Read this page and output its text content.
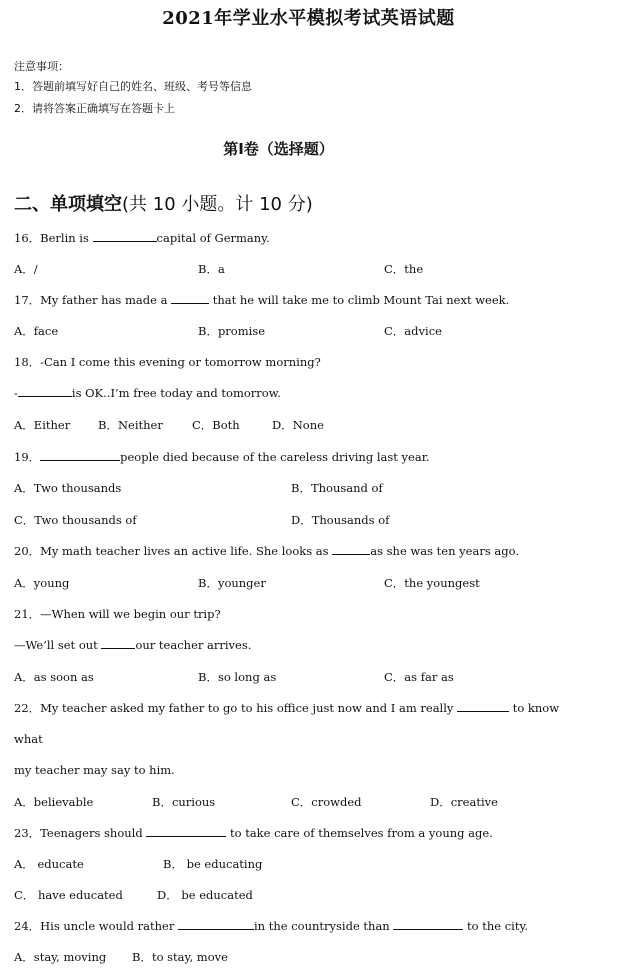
2021年学业水平模拟考试英语试题
注意事项：
1．答题前填写好自己的姓名、班级、考号等信息
2．请将答案正确填写在答题卡上
第I卷（选择题）
二、单项填空(共 10 小题。计 10 分)
16．Berlin is	capital of Germany.
A．/	B．a	C．the
17．My father has made a	that he will take me to climb Mount Tai next week.
A．face	B．promise	C．advice
18．-Can I come this evening or tomorrow morning?
-	is OK..I’m free today and tomorrow.
A．Either B．Neither	C．Both	D．None
19．	people died because of the careless driving last year.
A．Two thousands	B．Thousand of
C．Two thousands of	D．Thousands of
20．My math teacher lives an active life. She looks as	as she was ten years ago.
A．young	B．younger	C．the youngest
21．—When will we begin our trip?
—We’ll set out	our teacher arrives.
A．as soon as	B．so long as	C．as far as
22．My teacher asked my father to go to his office just now and I am really	to know
what
my teacher may say to him.
A．believable	B．curious	C．crowded	D．creative
23．Teenagers should	to take care of themselves from a young age.
A． educate	B． be educating
C． have educated	D． be educated
24．His uncle would rather	in the countryside than	to the city.
A．stay, moving B．to stay, move
